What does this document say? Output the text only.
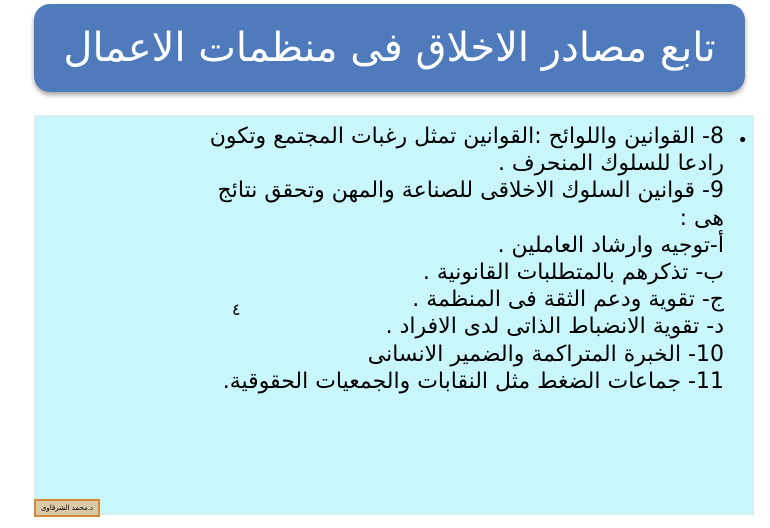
تابع مصادر الاخلاق فى منظمات الاعمال
•
8- القوانين واللوائح :القوانين تمثل رغبات المجتمع وتكون
رادعا للسلوك المنحرف .
9- قوانين السلوك الاخلاقى للصناعة والمهن وتحقق نتائج
هى :
أ-توجيه وارشاد العاملين .
ب- تذكرهم بالمتطلبات القانونية .
ج- تقوية ودعم الثقة فى المنظمة .
د- تقوية الانضباط الذاتى لدى الافراد .
10- الخبرة المتراكمة والضمير الانسانى
11- جماعات الضغط مثل النقابات والجمعيات الحقوقية.
٤
د.محمد الشرقاوى
